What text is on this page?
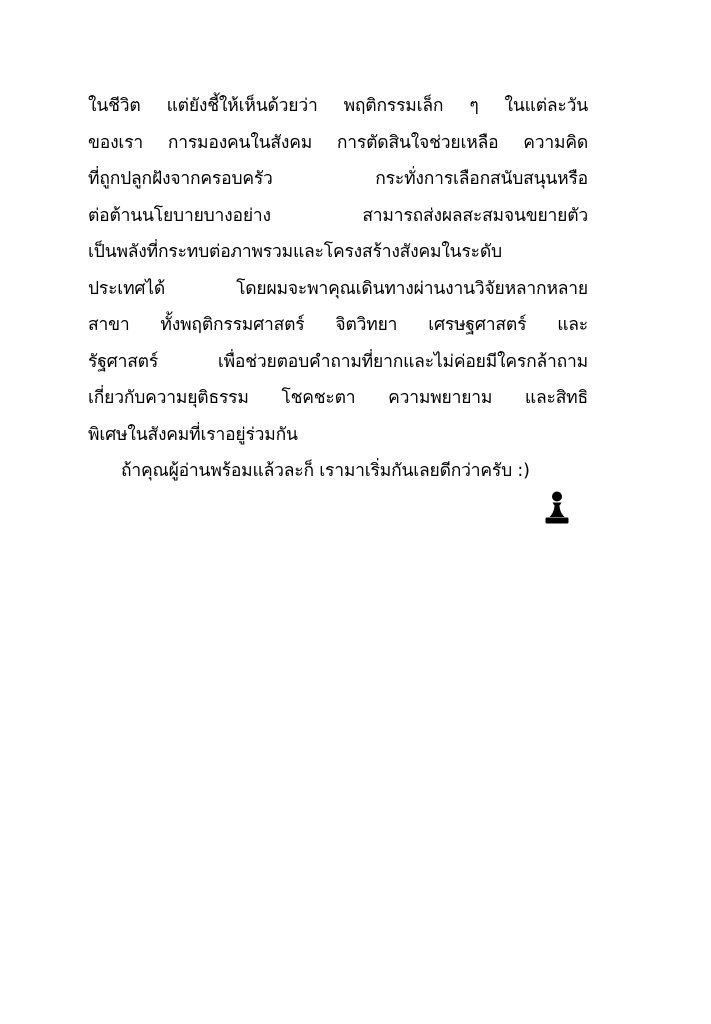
ในชีวิต แต่ยังชี้ให้เห็นด้วยว่า พฤติกรรมเล็ก ๆ ในแต่ละวัน
ของเรา การมองคนในสังคม การตัดสินใจช่วยเหลือ ความคิด
ที่ถูกปลูกฝังจากครอบครัว กระทั่งการเลือกสนับสนุนหรือ
ต่อต้านนโยบายบางอย่าง สามารถส่งผลสะสมจนขยายตัว
เป็นพลังที่กระทบต่อภาพรวมและโครงสร้างสังคมในระดับ
ประเทศได้ โดยผมจะพาคุณเดินทางผ่านงานวิจัยหลากหลาย
สาขา ทั้งพฤติกรรมศาสตร์ จิตวิทยา เศรษฐศาสตร์ และ
รัฐศาสตร์ เพื่อช่วยตอบคำถามที่ยากและไม่ค่อยมีใครกล้าถาม
เกี่ยวกับความยุติธรรม โชคชะตา ความพยายาม และสิทธิ
พิเศษในสังคมที่เราอยู่ร่วมกัน
ถ้าคุณผู้อ่านพร้อมแล้วละก็ เรามาเริ่มกันเลยดีกว่าครับ :)
